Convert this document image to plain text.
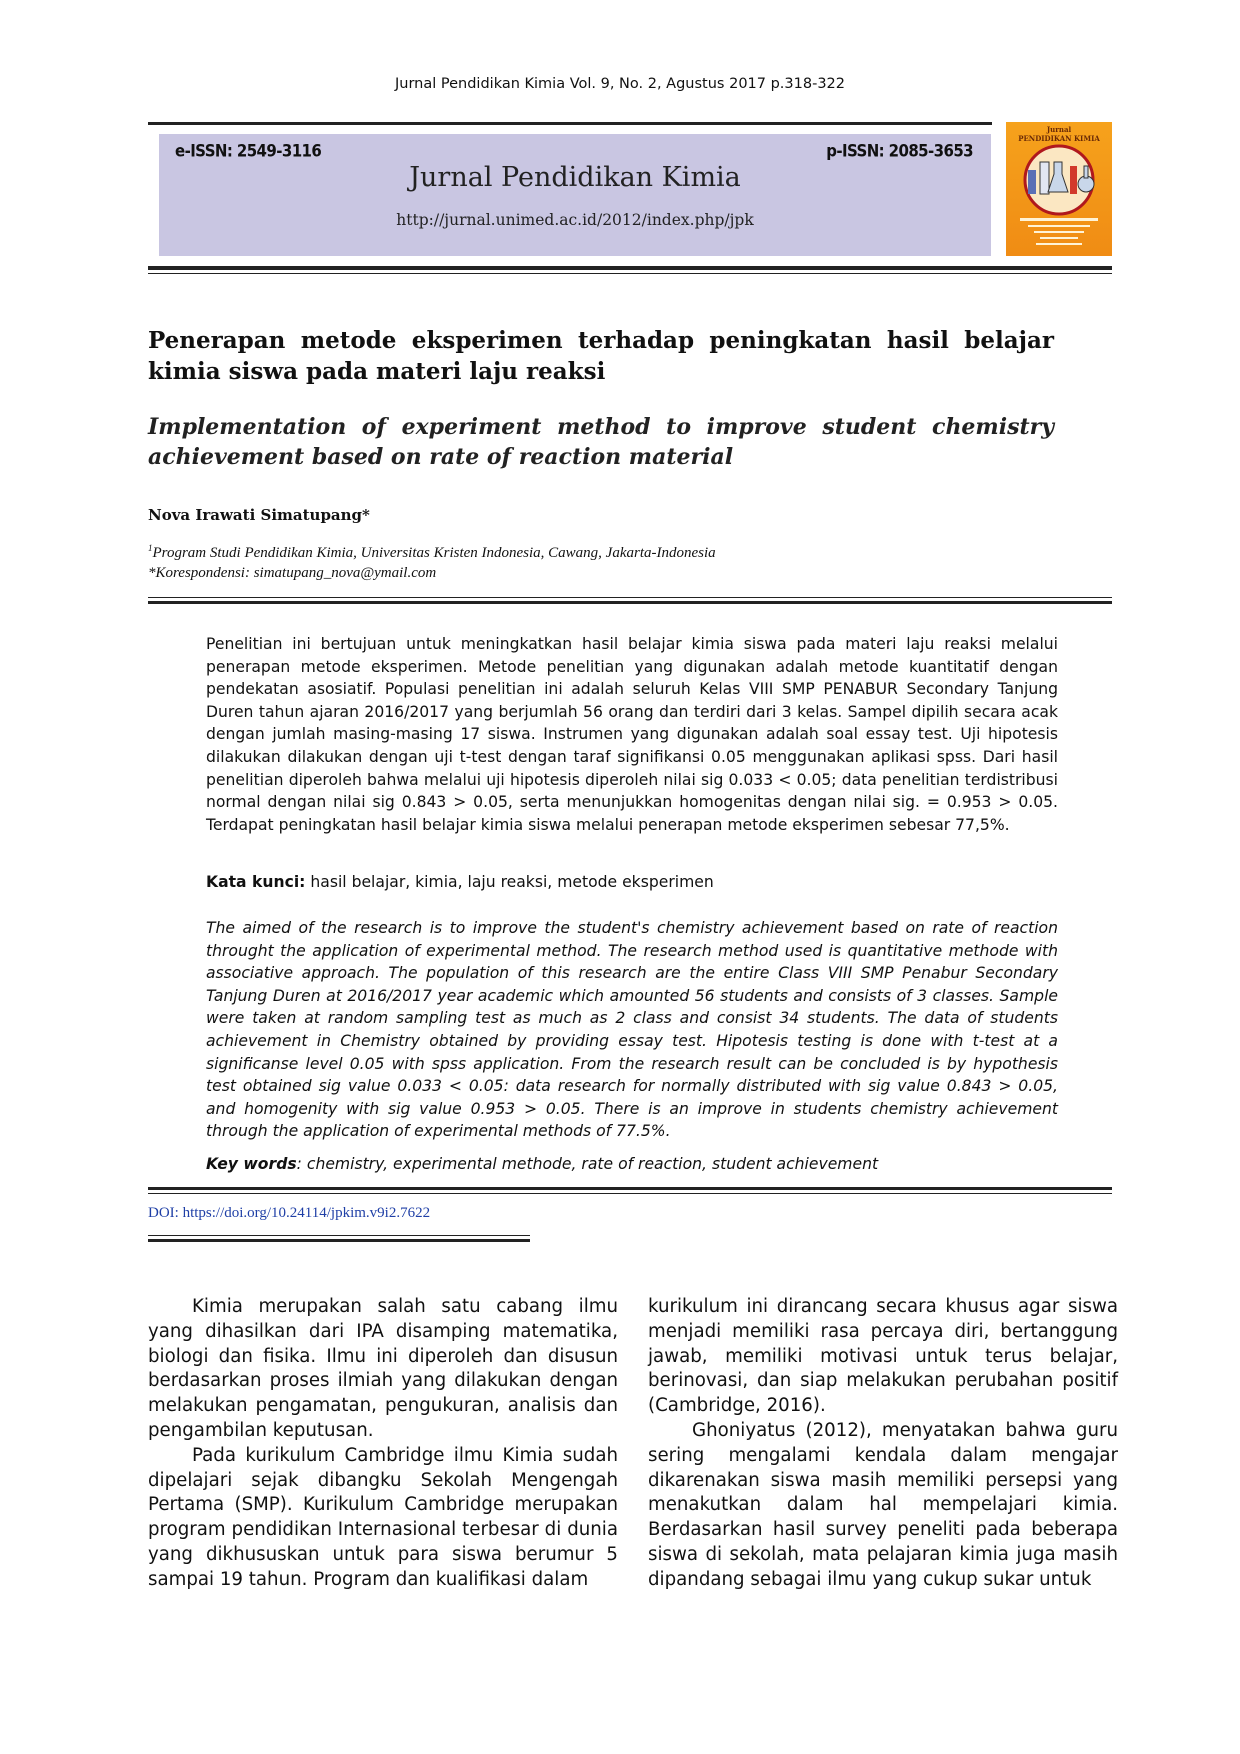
Jurnal Pendidikan Kimia Vol. 9, No. 2, Agustus 2017 p.318-322
e-ISSN: 2549-3116	p-ISSN: 2085-3653
Jurnal Pendidikan Kimia
http://jurnal.unimed.ac.id/2012/index.php/jpk
Jurnal
PENDIDIKAN KIMIA
Penerapan metode eksperimen terhadap peningkatan hasil belajar kimia siswa pada materi laju reaksi
Implementation of experiment method to improve student chemistry achievement based on rate of reaction material
Nova Irawati Simatupang*
$^1$Program Studi Pendidikan Kimia, Universitas Kristen Indonesia, Cawang, Jakarta-Indonesia
*Korespondensi: simatupang_nova@ymail.com
Penelitian ini bertujuan untuk meningkatkan hasil belajar kimia siswa pada materi laju reaksi melalui penerapan metode eksperimen. Metode penelitian yang digunakan adalah metode kuantitatif dengan pendekatan asosiatif. Populasi penelitian ini adalah seluruh Kelas VIII SMP PENABUR Secondary Tanjung Duren tahun ajaran 2016/2017 yang berjumlah 56 orang dan terdiri dari 3 kelas. Sampel dipilih secara acak dengan jumlah masing-masing 17 siswa. Instrumen yang digunakan adalah soal essay test. Uji hipotesis dilakukan dilakukan dengan uji t-test dengan taraf signifikansi 0.05 menggunakan aplikasi spss. Dari hasil penelitian diperoleh bahwa melalui uji hipotesis diperoleh nilai sig 0.033 < 0.05; data penelitian terdistribusi normal dengan nilai sig 0.843 > 0.05, serta menunjukkan homogenitas dengan nilai sig. = 0.953 > 0.05. Terdapat peningkatan hasil belajar kimia siswa melalui penerapan metode eksperimen sebesar 77,5%.
Kata kunci: hasil belajar, kimia, laju reaksi, metode eksperimen
The aimed of the research is to improve the student's chemistry achievement based on rate of reaction throught the application of experimental method. The research method used is quantitative methode with associative approach. The population of this research are the entire Class VIII SMP Penabur Secondary Tanjung Duren at 2016/2017 year academic which amounted 56 students and consists of 3 classes. Sample were taken at random sampling test as much as 2 class and consist 34 students. The data of students achievement in Chemistry obtained by providing essay test. Hipotesis testing is done with t-test at a significanse level 0.05 with spss application. From the research result can be concluded is by hypothesis test obtained sig value 0.033 < 0.05: data research for normally distributed with sig value 0.843 > 0.05, and homogenity with sig value 0.953 > 0.05. There is an improve in students chemistry achievement through the application of experimental methods of 77.5%.
Key words: chemistry, experimental methode, rate of reaction, student achievement
DOI: https://doi.org/10.24114/jpkim.v9i2.7622

Kimia merupakan salah satu cabang ilmu yang dihasilkan dari IPA disamping matematika, biologi dan fisika. Ilmu ini diperoleh dan disusun berdasarkan proses ilmiah yang dilakukan dengan melakukan pengamatan, pengukuran, analisis dan pengambilan keputusan.

Pada kurikulum Cambridge ilmu Kimia sudah dipelajari sejak dibangku Sekolah Mengengah Pertama (SMP). Kurikulum Cambridge merupakan program pendidikan Internasional terbesar di dunia yang dikhususkan untuk para siswa berumur 5 sampai 19 tahun. Program dan kualifikasi dalam

kurikulum ini dirancang secara khusus agar siswa menjadi memiliki rasa percaya diri, bertanggung jawab, memiliki motivasi untuk terus belajar, berinovasi, dan siap melakukan perubahan positif (Cambridge, 2016).

Ghoniyatus (2012), menyatakan bahwa guru sering mengalami kendala dalam mengajar dikarenakan siswa masih memiliki persepsi yang menakutkan dalam hal mempelajari kimia. Berdasarkan hasil survey peneliti pada beberapa siswa di sekolah, mata pelajaran kimia juga masih dipandang sebagai ilmu yang cukup sukar untuk
